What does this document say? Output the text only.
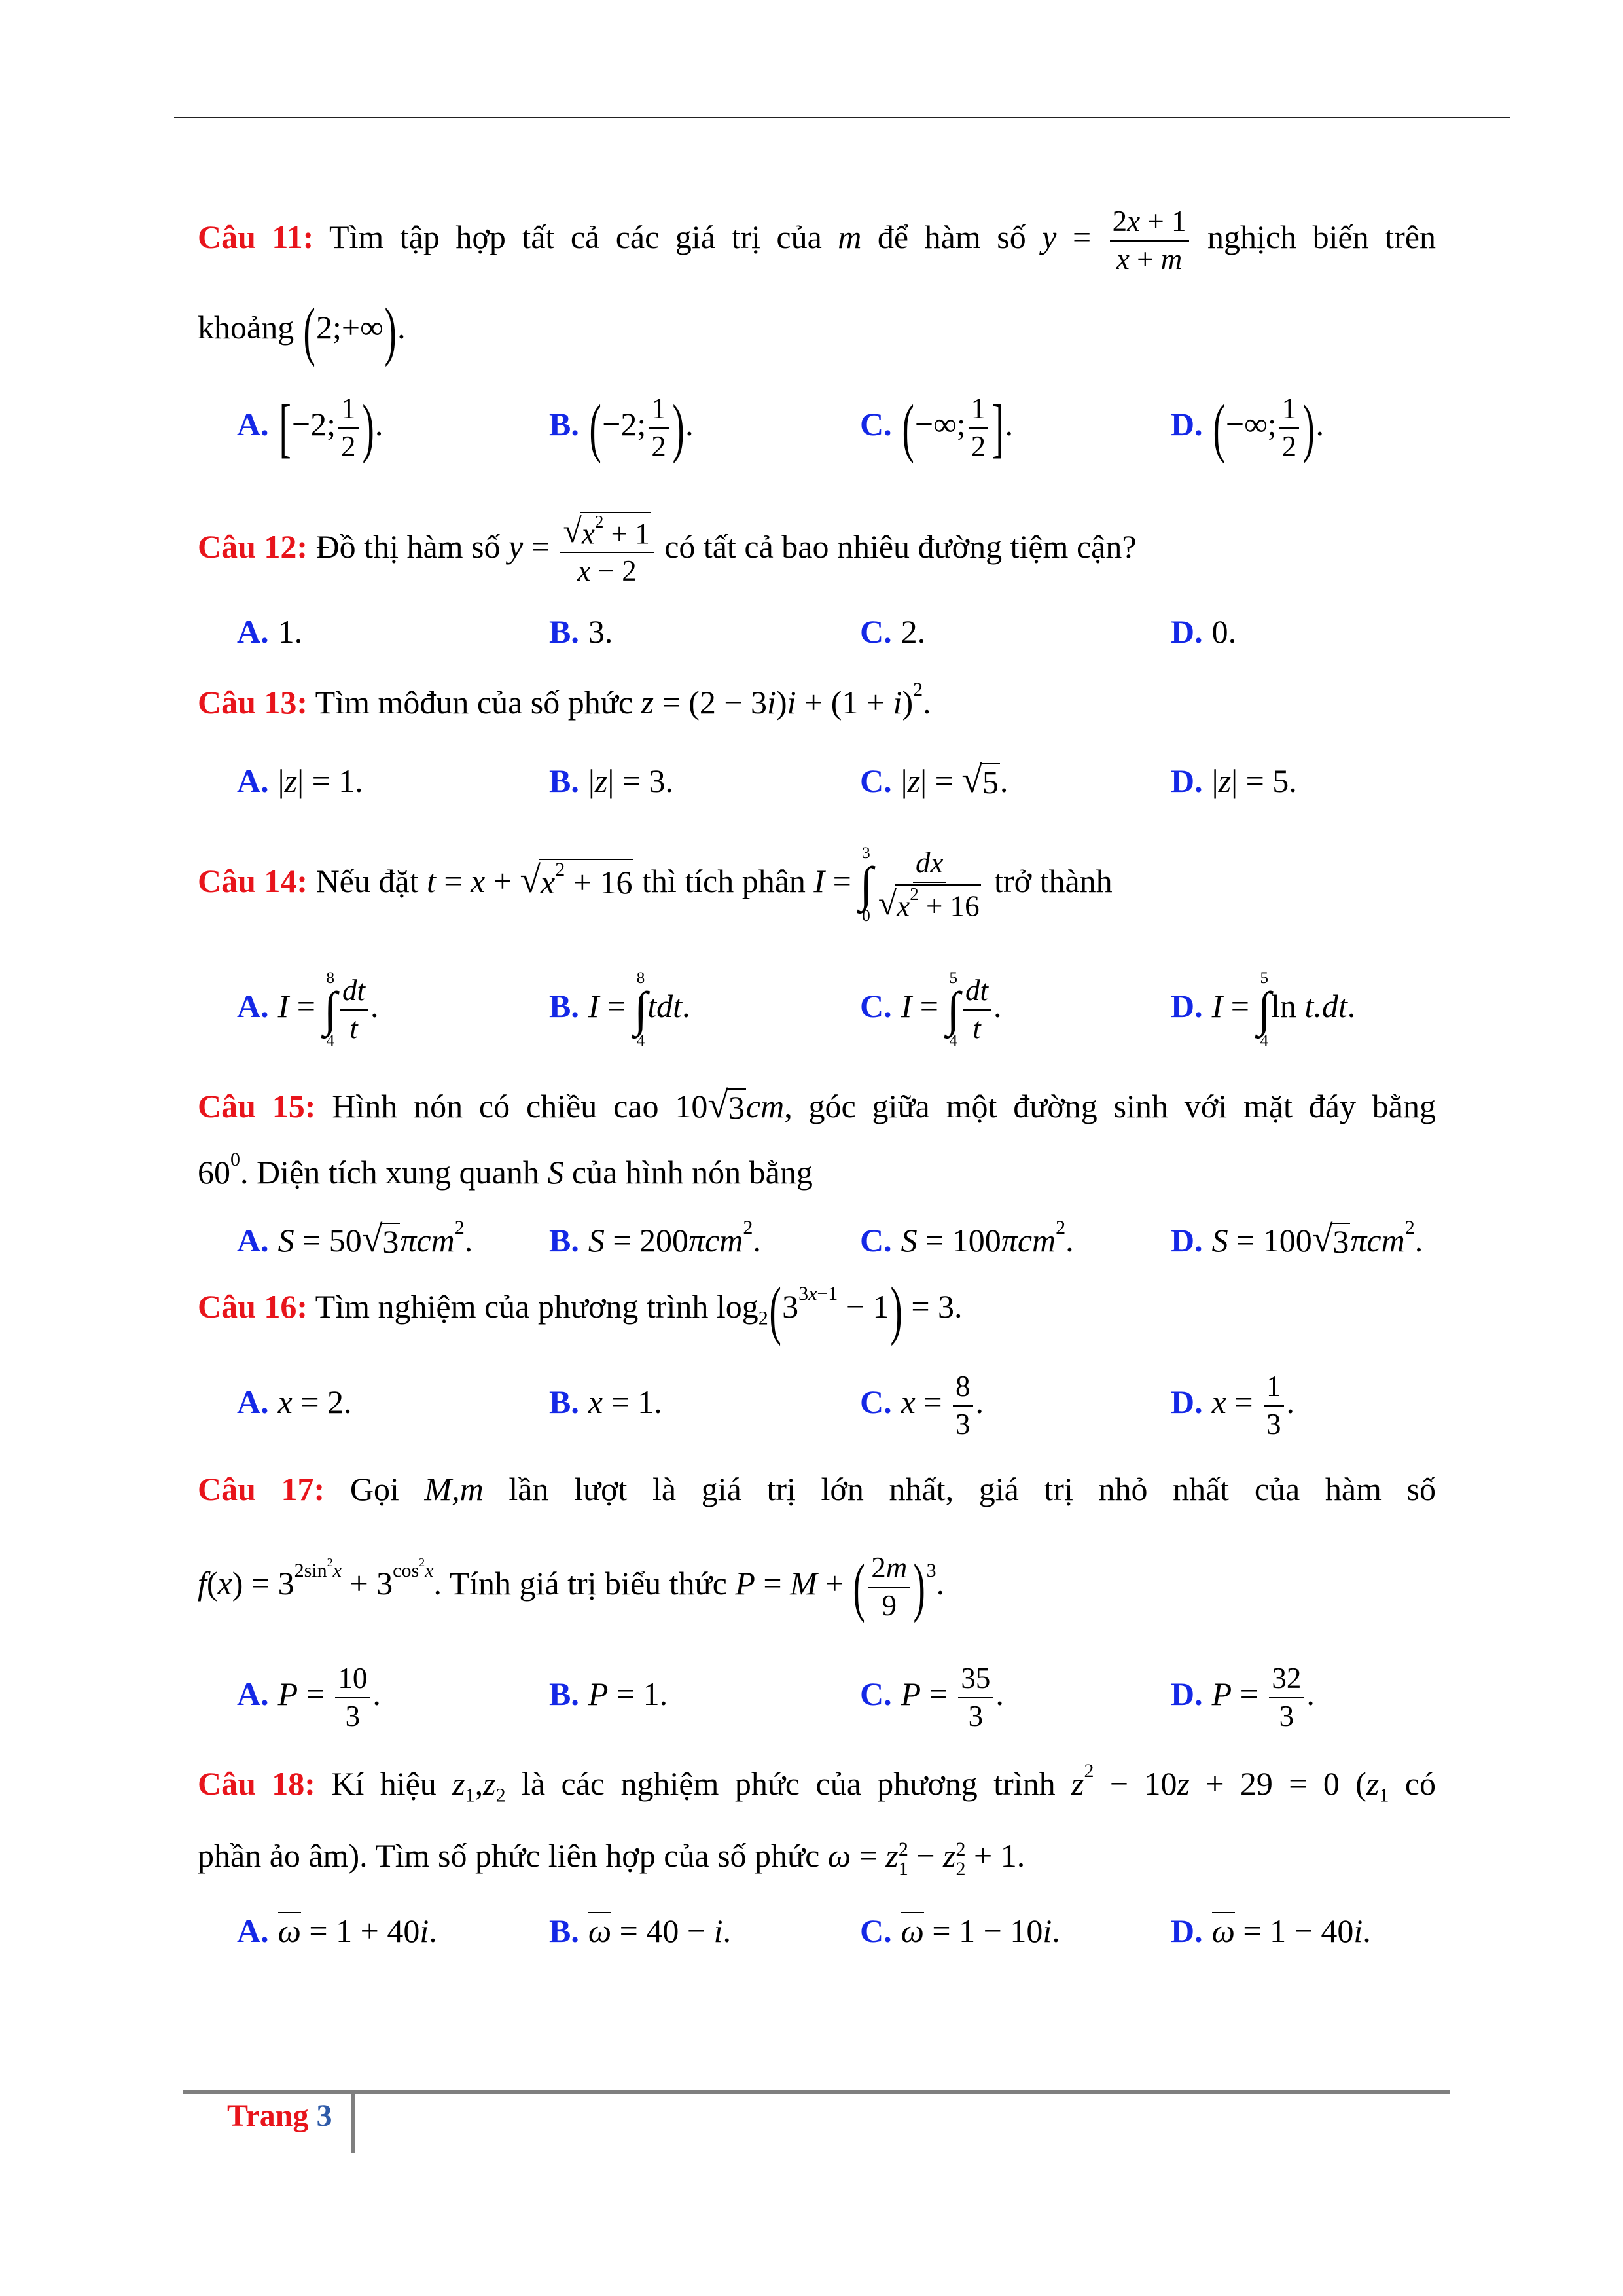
Câu 11: Tìm tập hợp tất cả các giá trị của m để hàm số $y = \frac{2x + 1}{x + m}$ nghịch biến trên
khoảng (2;+∞).
A. [−2; $\frac{1}{2}$ ).	B. (−2; $\frac{1}{2}$ ).	C. (−∞; $\frac{1}{2}$ ].	D. (−∞; $\frac{1}{2}$ ).
Câu 12: Đồ thị hàm số $y = \frac{√ x^2 + 1}{x - 2}$ có tất cả bao nhiêu đường tiệm cận?
A. 1.	B. 3.	C. 2.	D. 0.
Câu 13: Tìm môđun của số phức $z = (2 - 3i)i + (1 + i)^2$.
A. |z| = 1.	B. |z| = 3.	C. |z| = √ 5 .	D. |z| = 5.
Câu 14: Nếu đặt t = x + √ $x^2 + 16$ thì tích phân I =
3
∫
$0 \frac{dx}{√ x^2 + 16}$ trở thành
A. I =
8
∫
$4 \frac{dt}{t}$ .	B. I =
8
∫
4
tdt.	C. I =
5
∫
$4 \frac{dt}{t}$ .	D. I =
5
∫
4
ln t.dt.
Câu 15: Hình nón có chiều cao 10 √ 3 cm, góc giữa một đường sinh với mặt đáy bằng
$60^0$. Diện tích xung quanh S của hình nón bằng
A. S = 50 √ 3 πcm$^2$. B. S = 200πcm$^2$.	C. S = 100πcm$^2$.	D. S = 100 √ 3 πcm$^2$.
Câu 16: Tìm nghiệm của phương trình $\log_2(3^{3x-1} - 1) = 3$.
A. x = 2.	B. x = 1.	C. $x = \frac{8}{3}$ .	D. $x = \frac{1}{3}$ .
Câu 17: Gọi M,m lần lượt là giá trị lớn nhất, giá trị nhỏ nhất của hàm số
$f(x) = 3^{2sin^2x} + 3^{cos^2x}$. Tính giá trị biểu thức P = M + ( $\frac{2m}{9} )^3$.
A. $P = \frac{10}{3}$ .	B. P = 1.	C. $P = \frac{35}{3}$ .	D. $P = \frac{32}{3}$ .
Câu 18: Kí hiệu $z_1,z_2$ là các nghiệm phức của phương trình $z^2 - 10z + 29 = 0$ ($z_1$ có
phần ảo âm). Tìm số phức liên hợp của số phức ω = z 2
1 − z 2
2 + 1.
A. ω = 1 + 40i.	B. ω = 40 − i.	C. ω = 1 − 10i.	D. ω = 1 − 40i.
Trang 3
